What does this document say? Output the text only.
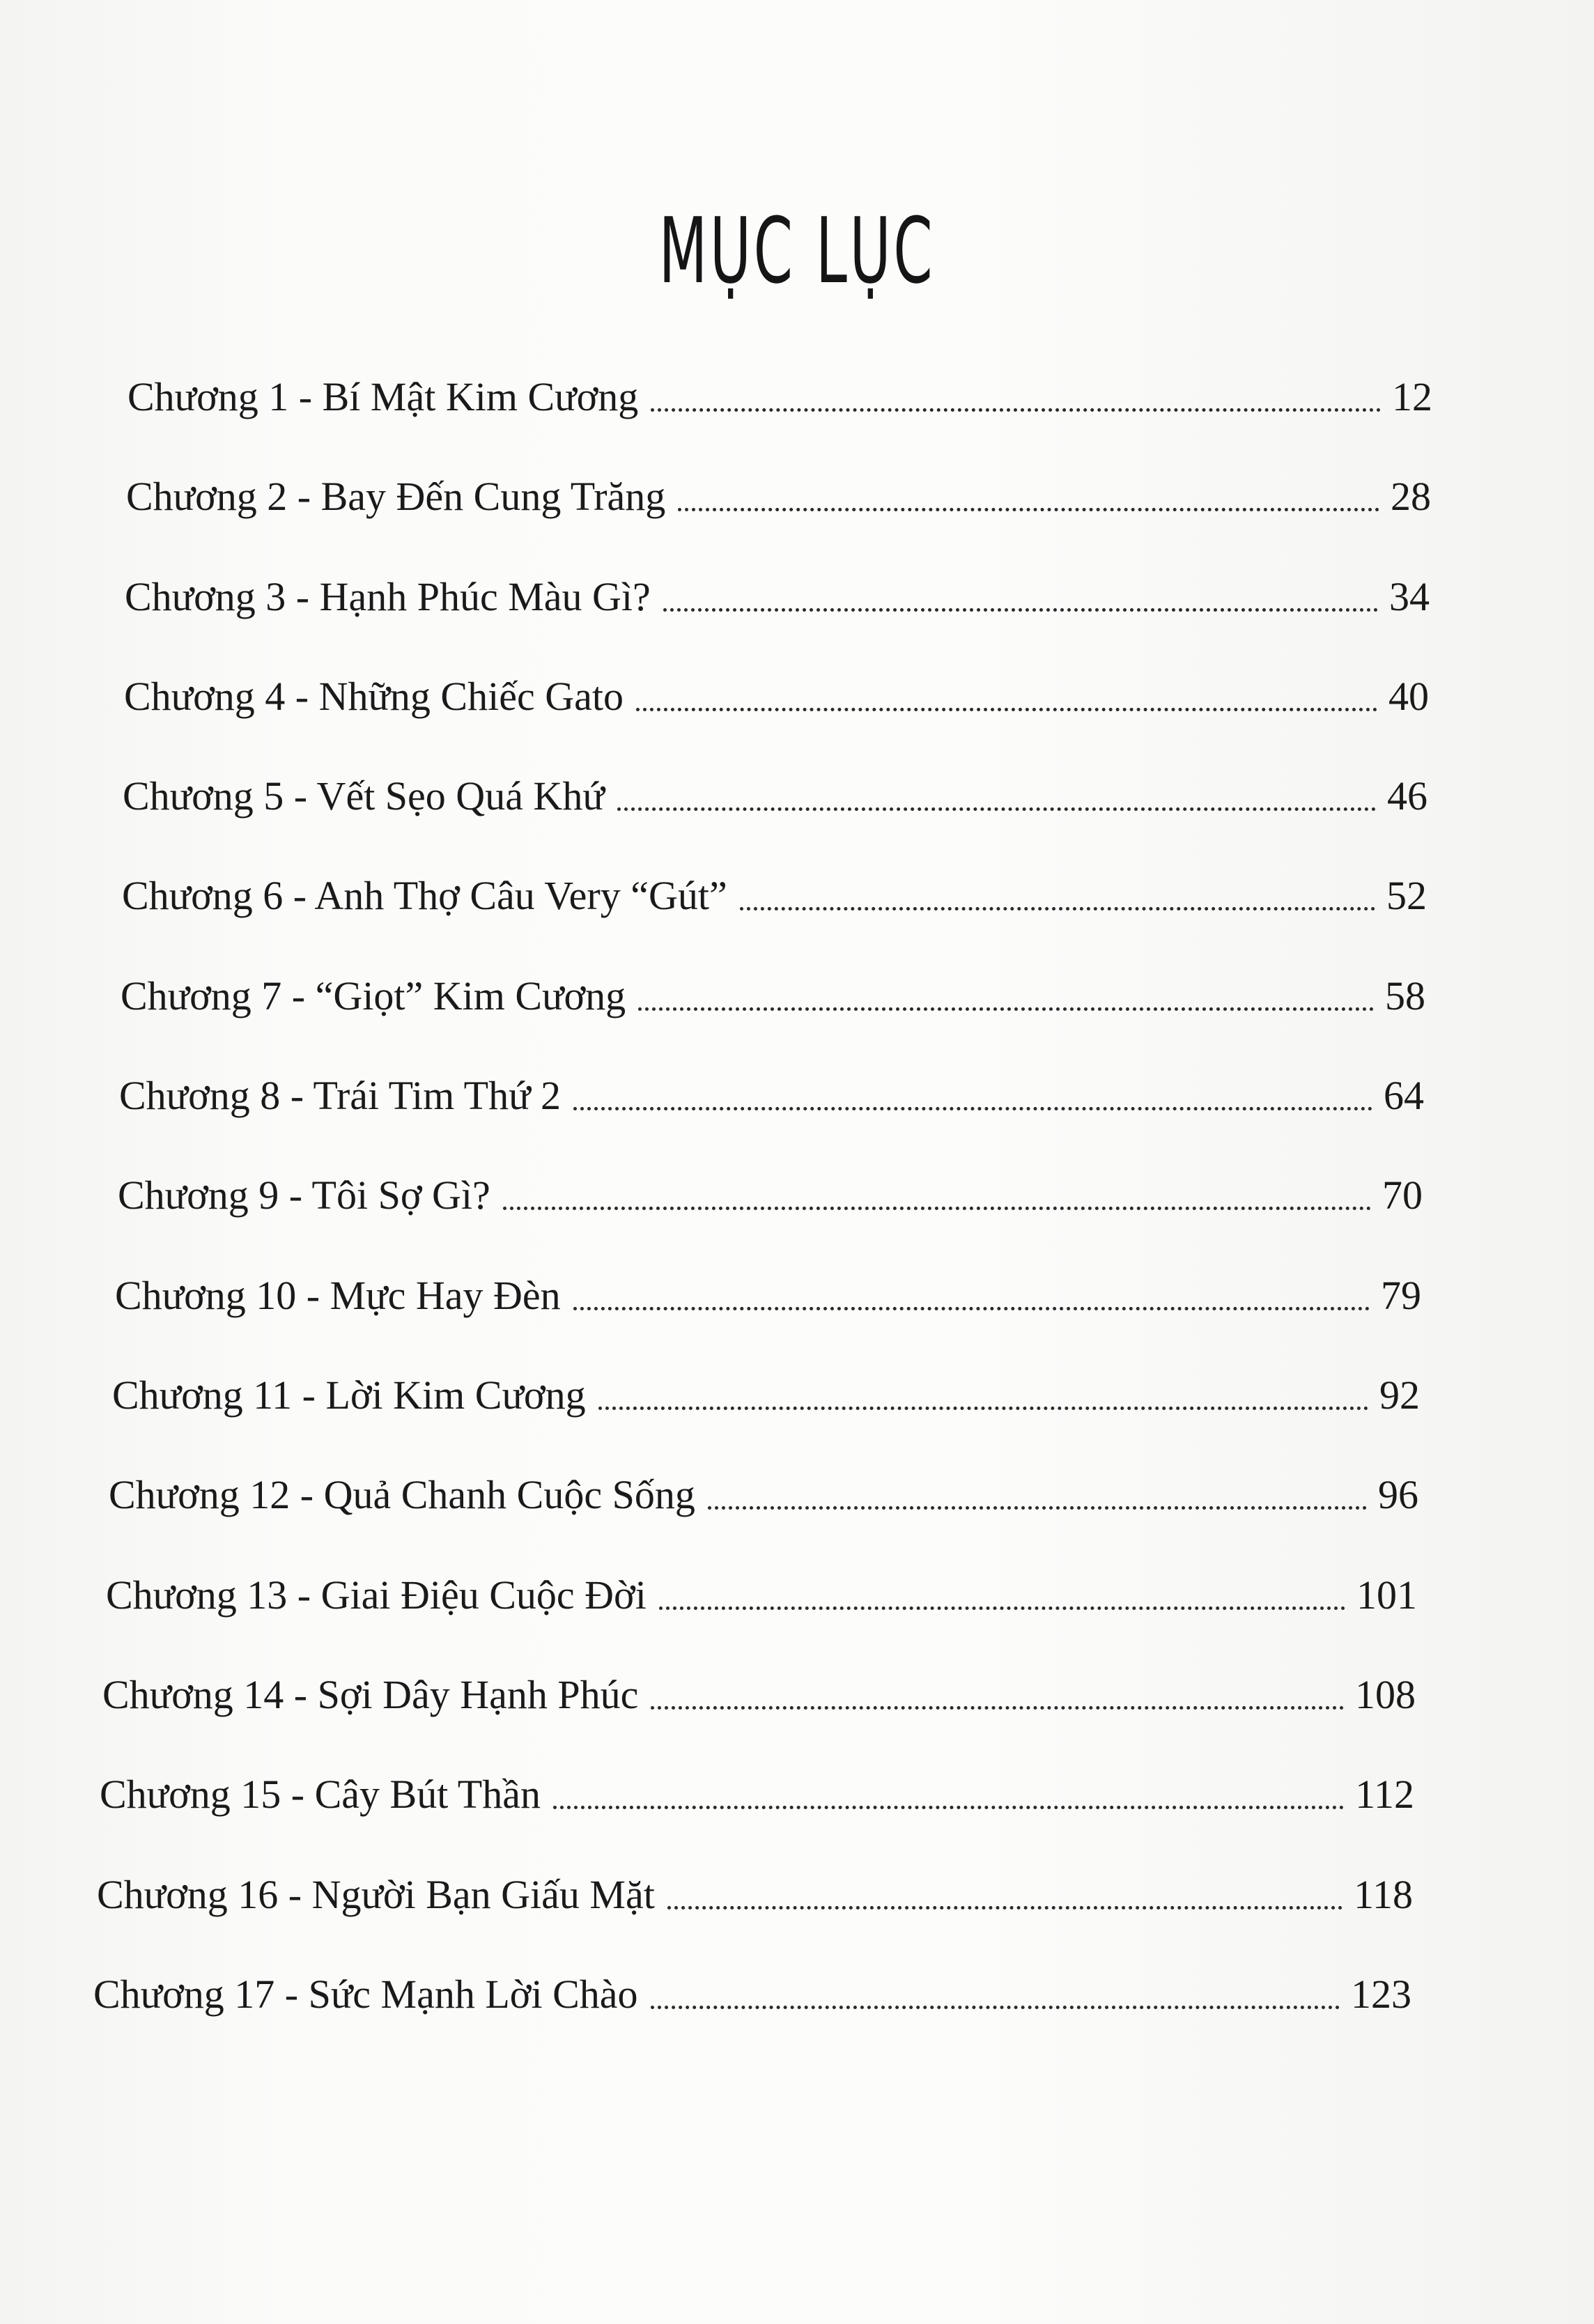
MỤC LỤC
Chương 1 - Bí Mật Kim Cương	12
Chương 2 - Bay Đến Cung Trăng	28
Chương 3 - Hạnh Phúc Màu Gì?	34
Chương 4 - Những Chiếc Gato	40
Chương 5 - Vết Sẹo Quá Khứ	46
Chương 6 - Anh Thợ Câu Very “Gút”	52
Chương 7 - “Giọt” Kim Cương	58
Chương 8 - Trái Tim Thứ 2	64
Chương 9 - Tôi Sợ Gì?	70
Chương 10 - Mực Hay Đèn	79
Chương 11 - Lời Kim Cương	92
Chương 12 - Quả Chanh Cuộc Sống	96
Chương 13 - Giai Điệu Cuộc Đời	101
Chương 14 - Sợi Dây Hạnh Phúc	108
Chương 15 - Cây Bút Thần	112
Chương 16 - Người Bạn Giấu Mặt	118
Chương 17 - Sức Mạnh Lời Chào	123
